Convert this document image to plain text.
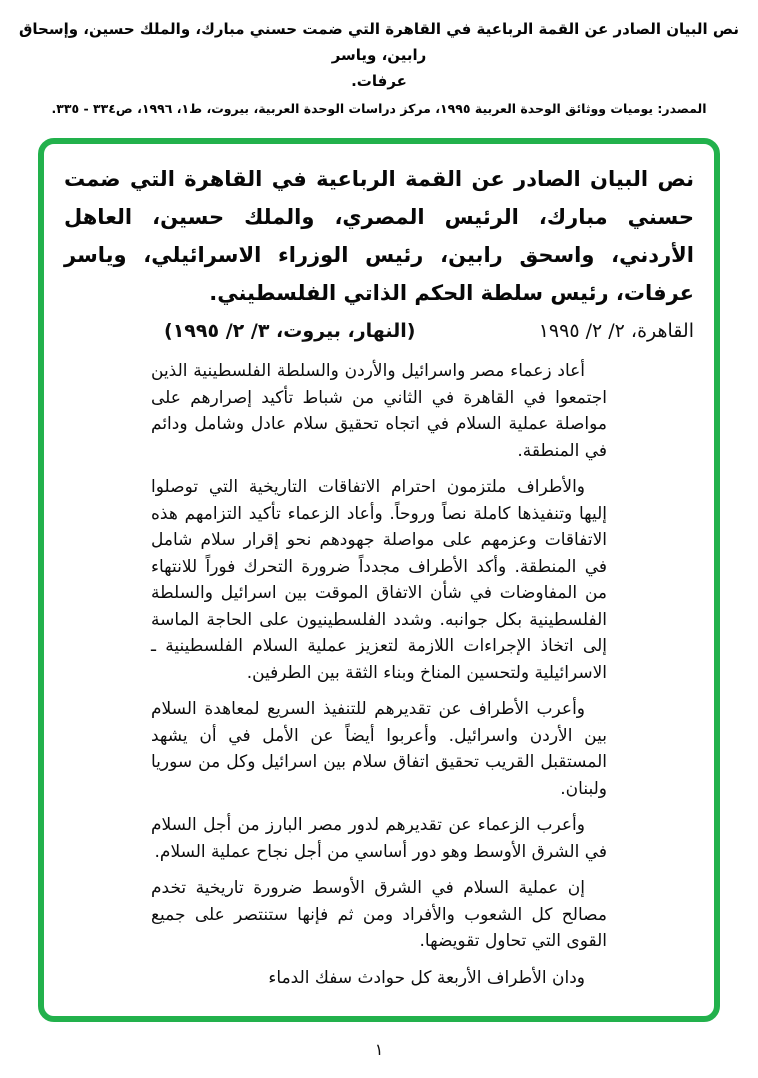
نص البيان الصادر عن القمة الرباعية في القاهرة التي ضمت حسني مبارك، والملك حسين، وإسحاق رابين، وياسر
عرفات.
المصدر: يوميات ووثائق الوحدة العربية ١٩٩٥، مركز دراسات الوحدة العربية، بيروت، ط١، ١٩٩٦، ص٣٣٤ - ٣٣٥.

نص البيان الصادر عن القمة الرباعية في القاهرة التي ضمت حسني مبارك، الرئيس المصري، والملك حسين، العاهل الأردني، واسحق رابين، رئيس الوزراء الاسرائيلي، وياسر عرفات، رئيس سلطة الحكم الذاتي الفلسطيني.

القاهرة، ٢/ ٢/ ١٩٩٥
(النهار، بيروت، ٣/ ٢/ ١٩٩٥)

أعاد زعماء مصر واسرائيل والأردن والسلطة الفلسطينية الذين اجتمعوا في القاهرة في الثاني من شباط تأكيد إصرارهم على مواصلة عملية السلام في اتجاه تحقيق سلام عادل وشامل ودائم في المنطقة.

والأطراف ملتزمون احترام الاتفاقات التاريخية التي توصلوا إليها وتنفيذها كاملة نصاً وروحاً. وأعاد الزعماء تأكيد التزامهم هذه الاتفاقات وعزمهم على مواصلة جهودهم نحو إقرار سلام شامل في المنطقة. وأكد الأطراف مجدداً ضرورة التحرك فوراً للانتهاء من المفاوضات في شأن الاتفاق الموقت بين اسرائيل والسلطة الفلسطينية بكل جوانبه. وشدد الفلسطينيون على الحاجة الماسة إلى اتخاذ الإجراءات اللازمة لتعزيز عملية السلام الفلسطينية ـ الاسرائيلية ولتحسين المناخ وبناء الثقة بين الطرفين.

وأعرب الأطراف عن تقديرهم للتنفيذ السريع لمعاهدة السلام بين الأردن واسرائيل. وأعربوا أيضاً عن الأمل في أن يشهد المستقبل القريب تحقيق اتفاق سلام بين اسرائيل وكل من سوريا ولبنان.

وأعرب الزعماء عن تقديرهم لدور مصر البارز من أجل السلام في الشرق الأوسط وهو دور أساسي من أجل نجاح عملية السلام.

إن عملية السلام في الشرق الأوسط ضرورة تاريخية تخدم مصالح كل الشعوب والأفراد ومن ثم فإنها ستنتصر على جميع القوى التي تحاول تقويضها.

ودان الأطراف الأربعة كل حوادث سفك الدماء

١
